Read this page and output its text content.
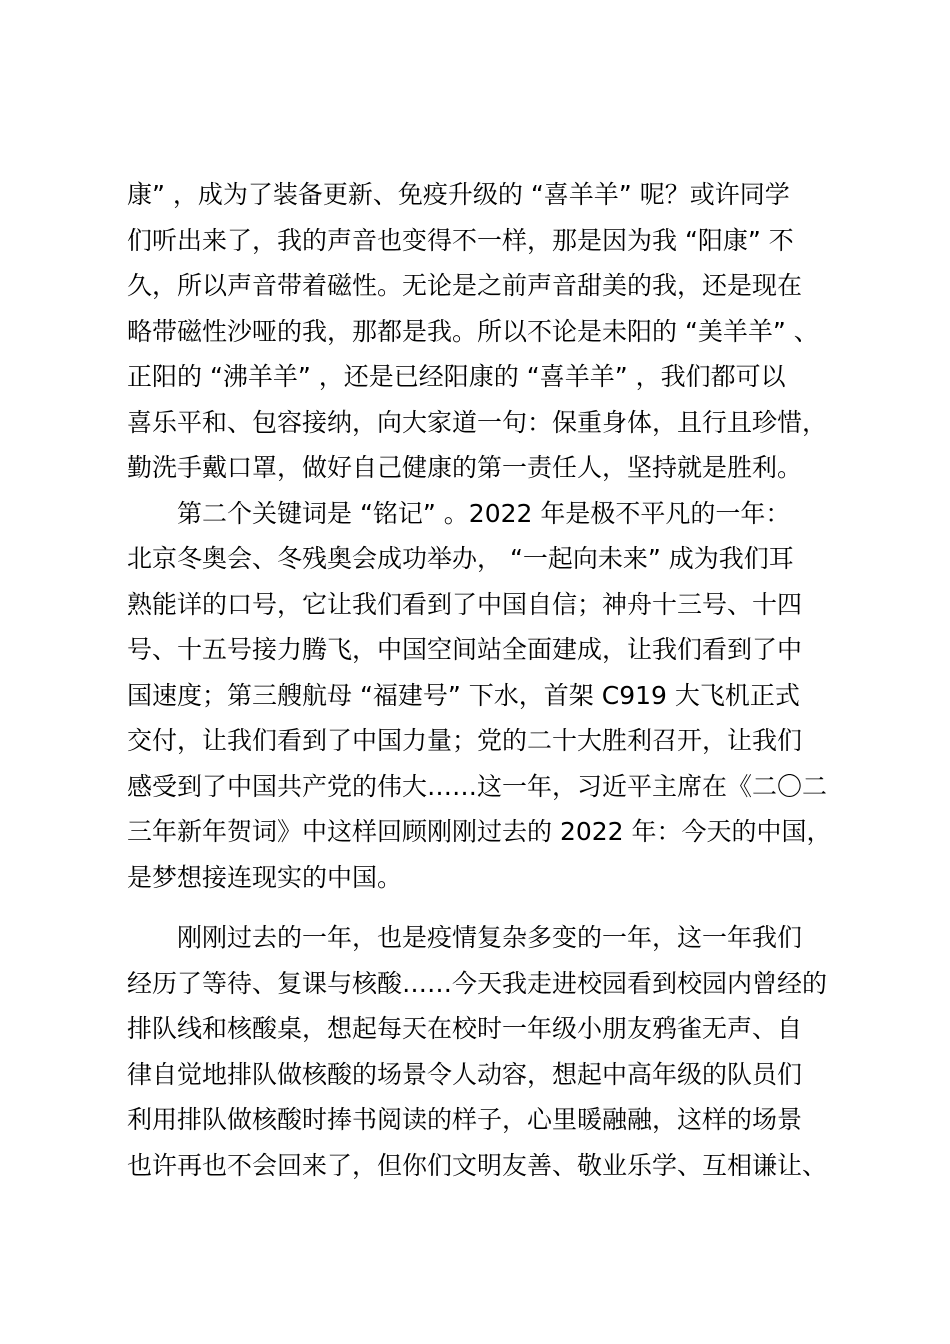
康” ，成为了装备更新、免疫升级的 “喜羊羊” 呢？或许同学
们听出来了，我的声音也变得不一样，那是因为我 “阳康” 不
久，所以声音带着磁性。无论是之前声音甜美的我，还是现在
略带磁性沙哑的我，那都是我。所以不论是未阳的 “美羊羊” 、
正阳的 “沸羊羊” ，还是已经阳康的 “喜羊羊” ，我们都可以
喜乐平和、包容接纳，向大家道一句：保重身体，且行且珍惜，
勤洗手戴口罩，做好自己健康的第一责任人，坚持就是胜利。
　　第二个关键词是 “铭记” 。2022 年是极不平凡的一年：
北京冬奥会、冬残奥会成功举办， “一起向未来” 成为我们耳
熟能详的口号，它让我们看到了中国自信；神舟十三号、十四
号、十五号接力腾飞，中国空间站全面建成，让我们看到了中
国速度；第三艘航母 “福建号” 下水，首架 C919 大飞机正式
交付，让我们看到了中国力量；党的二十大胜利召开，让我们
感受到了中国共产党的伟大……这一年，习近平主席在《二〇二
三年新年贺词》中这样回顾刚刚过去的 2022 年：今天的中国，
是梦想接连现实的中国。
　　刚刚过去的一年，也是疫情复杂多变的一年，这一年我们
经历了等待、复课与核酸……今天我走进校园看到校园内曾经的
排队线和核酸桌，想起每天在校时一年级小朋友鸦雀无声、自
律自觉地排队做核酸的场景令人动容，想起中高年级的队员们
利用排队做核酸时捧书阅读的样子，心里暖融融，这样的场景
也许再也不会回来了，但你们文明友善、敬业乐学、互相谦让、
